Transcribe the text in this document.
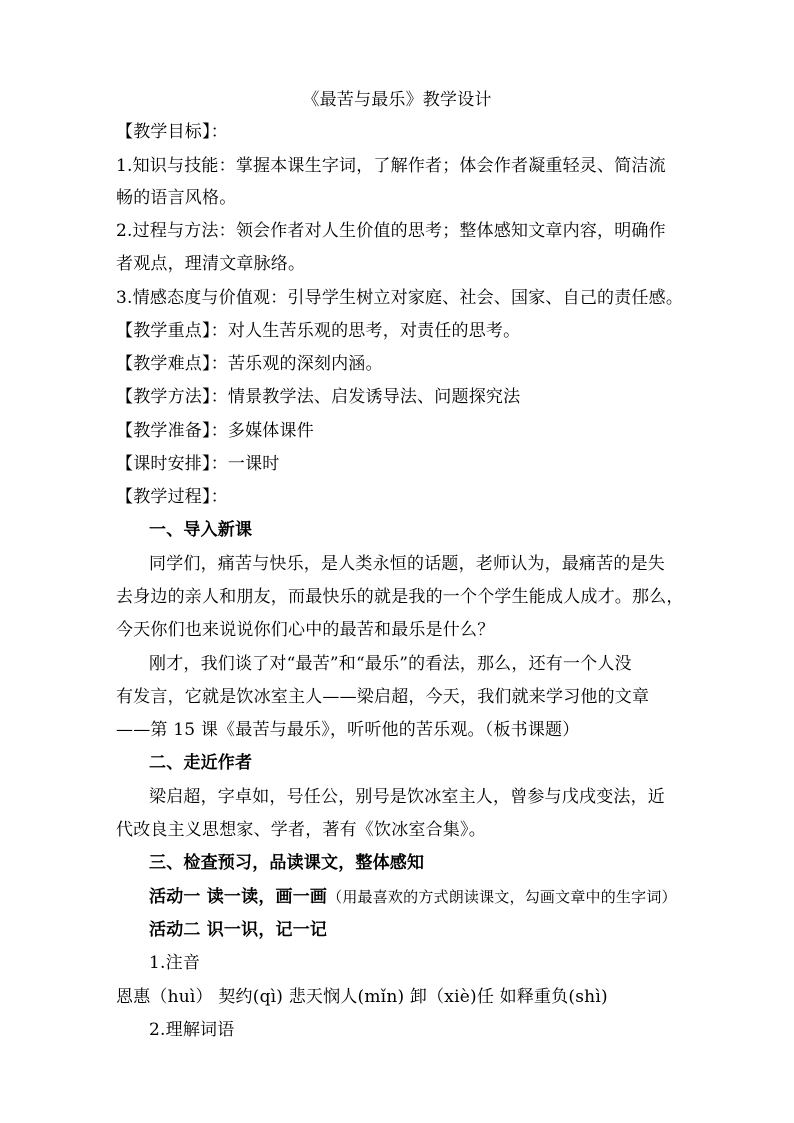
《最苦与最乐》教学设计
【教学目标】：
1.知识与技能：掌握本课生字词，了解作者；体会作者凝重轻灵、简洁流
畅的语言风格。
2.过程与方法：领会作者对人生价值的思考；整体感知文章内容，明确作
者观点，理清文章脉络。
3.情感态度与价值观：引导学生树立对家庭、社会、国家、自己的责任感。
【教学重点】：对人生苦乐观的思考，对责任的思考。
【教学难点】：苦乐观的深刻内涵。
【教学方法】：情景教学法、启发诱导法、问题探究法
【教学准备】：多媒体课件
【课时安排】：一课时
【教学过程】：
一、导入新课
同学们，痛苦与快乐，是人类永恒的话题，老师认为，最痛苦的是失
去身边的亲人和朋友，而最快乐的就是我的一个个学生能成人成才。那么，
今天你们也来说说你们心中的最苦和最乐是什么？
刚才，我们谈了对“最苦”和“最乐”的看法，那么，还有一个人没
有发言，它就是饮冰室主人——梁启超，今天，我们就来学习他的文章
——第 15 课《最苦与最乐》，听听他的苦乐观。（板书课题）
二、走近作者
梁启超，字卓如，号任公，别号是饮冰室主人，曾参与戊戌变法，近
代改良主义思想家、学者，著有《饮冰室合集》。
三、检查预习，品读课文，整体感知
活动一 读一读，画一画（用最喜欢的方式朗读课文，勾画文章中的生字词）
活动二 识一识，记一记
1.注音
恩惠（huì） 契约(qì) 悲天悯人(mǐn) 卸（xiè)任 如释重负(shì)
2.理解词语
